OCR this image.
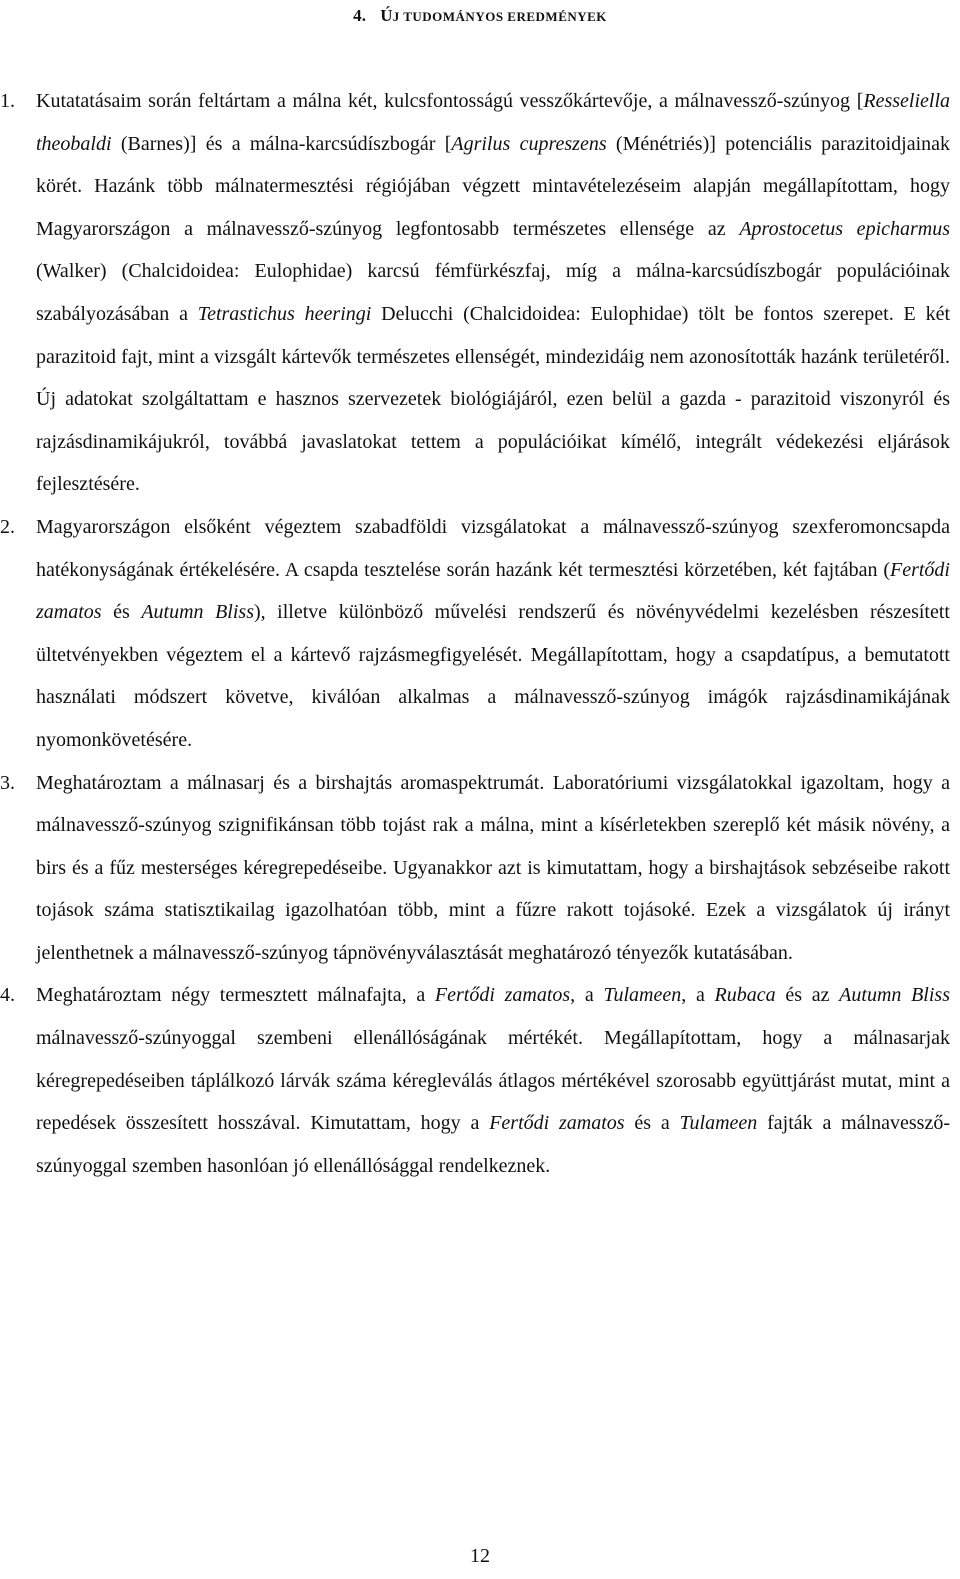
4. ÚJ TUDOMÁNYOS EREDMÉNYEK
1. Kutatatásaim során feltártam a málna két, kulcsfontosságú vesszőkártevője, a málnavessző-szúnyog [Resseliella theobaldi (Barnes)] és a málna-karcsúdíszbogár [Agrilus cupreszens (Ménétriés)] potenciális parazitoidjainak körét. Hazánk több málnatermesztési régiójában végzett mintavételezéseim alapján megállapítottam, hogy Magyarországon a málnavessző-szúnyog legfontosabb természetes ellensége az Aprostocetus epicharmus (Walker) (Chalcidoidea: Eulophidae) karcsú fémfürkészfaj, míg a málna-karcsúdíszbogár populációinak szabályozásában a Tetrastichus heeringi Delucchi (Chalcidoidea: Eulophidae) tölt be fontos szerepet. E két parazitoid fajt, mint a vizsgált kártevők természetes ellenségét, mindezidáig nem azonosították hazánk területéről. Új adatokat szolgáltattam e hasznos szervezetek biológiájáról, ezen belül a gazda - parazitoid viszonyról és rajzásdinamikájukról, továbbá javaslatokat tettem a populációikat kímélő, integrált védekezési eljárások fejlesztésére.

2. Magyarországon elsőként végeztem szabadföldi vizsgálatokat a málnavessző-szúnyog szexferomoncsapda hatékonyságának értékelésére. A csapda tesztelése során hazánk két termesztési körzetében, két fajtában (Fertődi zamatos és Autumn Bliss), illetve különböző művelési rendszerű és növényvédelmi kezelésben részesített ültetvényekben végeztem el a kártevő rajzásmegfigyelését. Megállapítottam, hogy a csapdatípus, a bemutatott használati módszert követve, kiválóan alkalmas a málnavessző-szúnyog imágók rajzásdinamikájának nyomonkövetésére.

3. Meghatároztam a málnasarj és a birshajtás aromaspektrumát. Laboratóriumi vizsgálatokkal igazoltam, hogy a málnavessző-szúnyog szignifikánsan több tojást rak a málna, mint a kísérletekben szereplő két másik növény, a birs és a fűz mesterséges kéregrepedéseibe. Ugyanakkor azt is kimutattam, hogy a birshajtások sebzéseibe rakott tojások száma statisztikailag igazolhatóan több, mint a fűzre rakott tojásoké. Ezek a vizsgálatok új irányt jelenthetnek a málnavessző-szúnyog tápnövényválasztását meghatározó tényezők kutatásában.

4. Meghatároztam négy termesztett málnafajta, a Fertődi zamatos, a Tulameen, a Rubaca és az Autumn Bliss málnavessző-szúnyoggal szembeni ellenállóságának mértékét. Megállapítottam, hogy a málnasarjak kéregrepedéseiben táplálkozó lárvák száma kéregleválás átlagos mértékével szorosabb együttjárást mutat, mint a repedések összesített hosszával. Kimutattam, hogy a Fertődi zamatos és a Tulameen fajták a málnavessző-szúnyoggal szemben hasonlóan jó ellenállósággal rendelkeznek.

12
